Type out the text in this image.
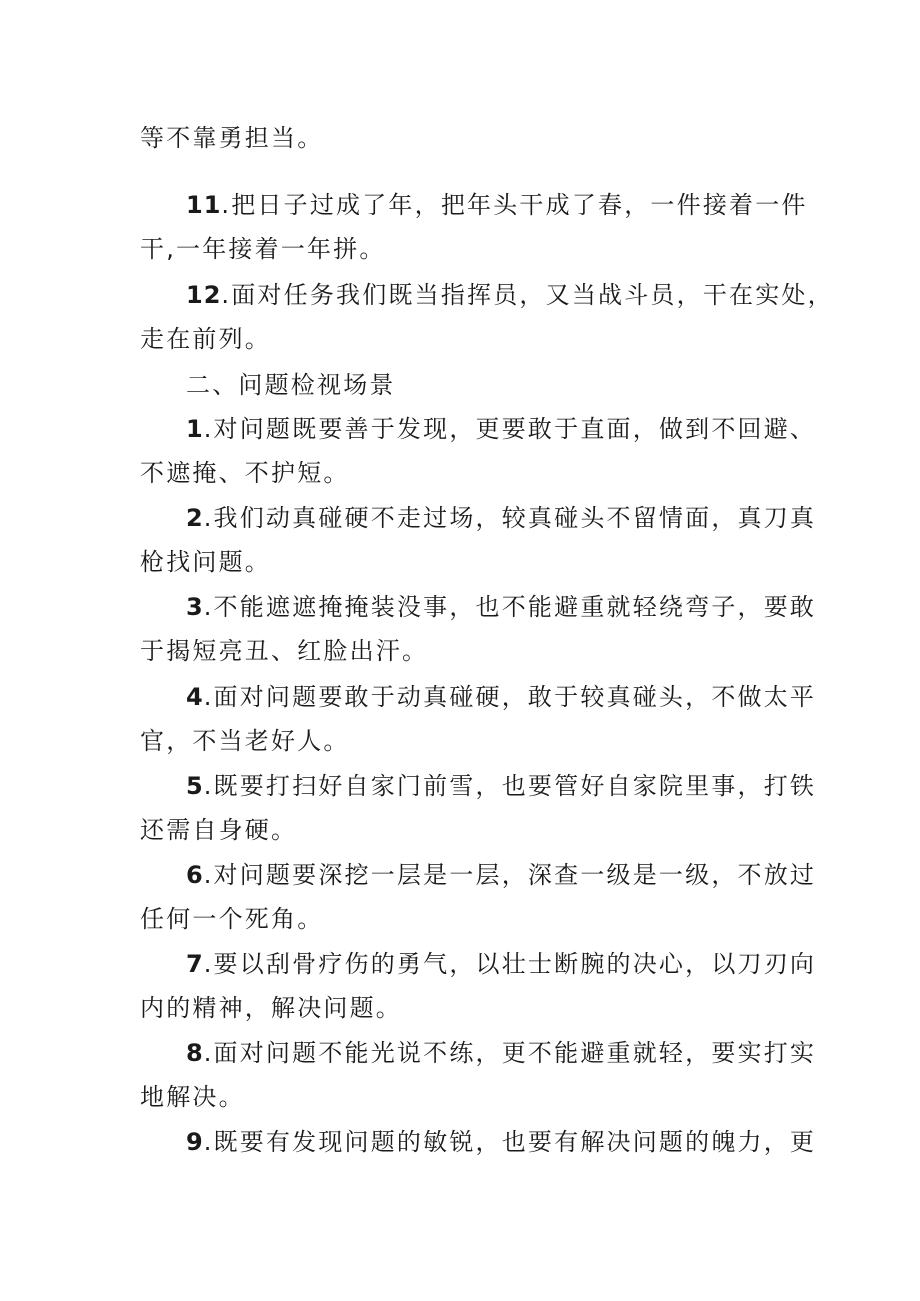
等不靠勇担当。
11.把日子过成了年，把年头干成了春，一件接着一件
干,一年接着一年拼。
12.面对任务我们既当指挥员，又当战斗员，干在实处，
走在前列。
二、问题检视场景
1.对问题既要善于发现，更要敢于直面，做到不回避、
不遮掩、不护短。
2.我们动真碰硬不走过场，较真碰头不留情面，真刀真
枪找问题。
3.不能遮遮掩掩装没事，也不能避重就轻绕弯子，要敢
于揭短亮丑、红脸出汗。
4.面对问题要敢于动真碰硬，敢于较真碰头，不做太平
官，不当老好人。
5.既要打扫好自家门前雪，也要管好自家院里事，打铁
还需自身硬。
6.对问题要深挖一层是一层，深查一级是一级，不放过
任何一个死角。
7.要以刮骨疗伤的勇气，以壮士断腕的决心，以刀刃向
内的精神，解决问题。
8.面对问题不能光说不练，更不能避重就轻，要实打实
地解决。
9.既要有发现问题的敏锐，也要有解决问题的魄力，更
